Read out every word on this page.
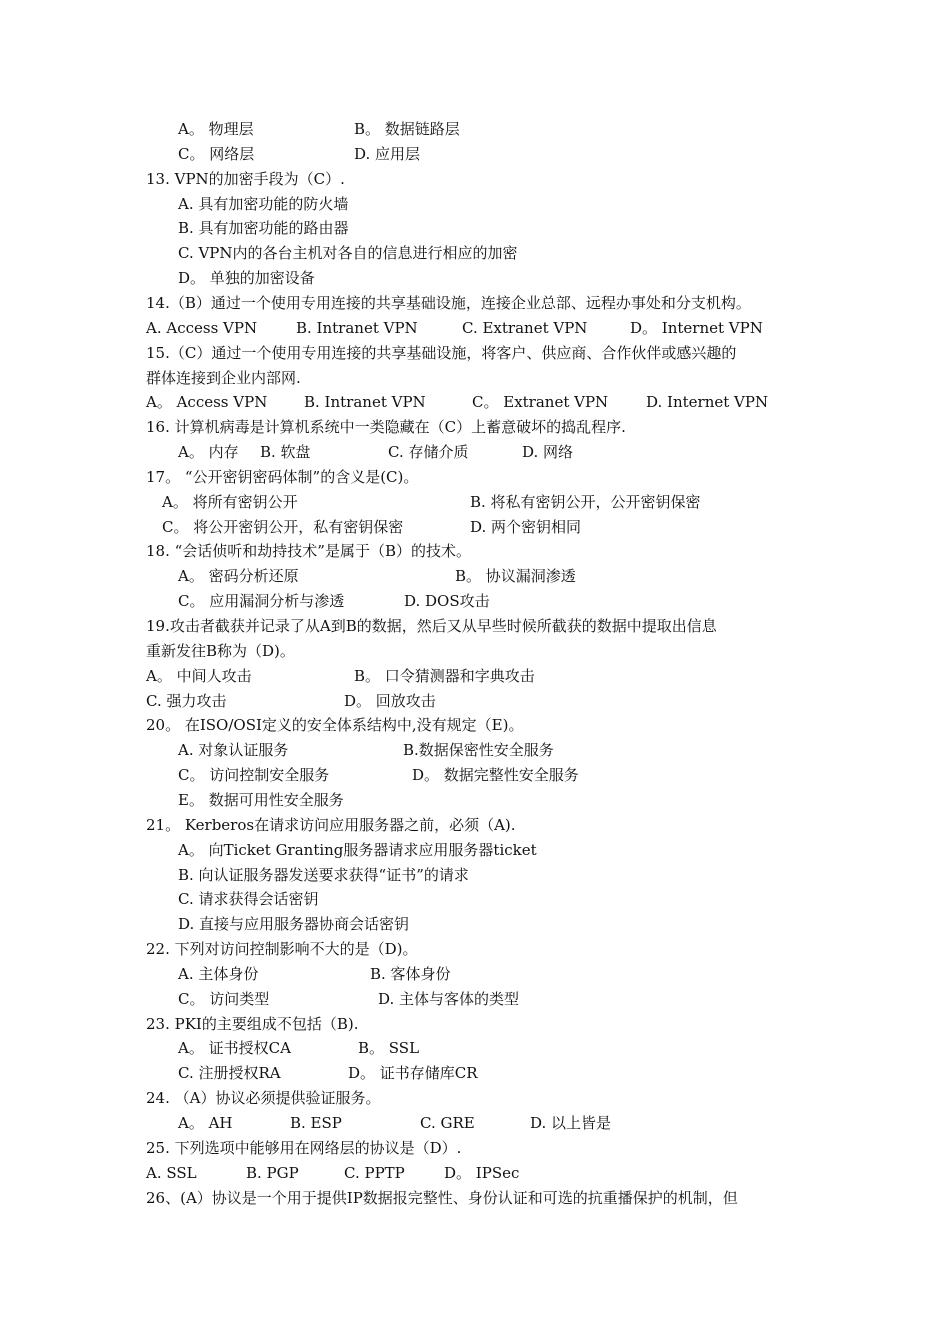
A。 物理层	B。 数据链路层
C。 网络层	D. 应用层
13. VPN的加密手段为（C）.
A. 具有加密功能的防火墙
B. 具有加密功能的路由器
C. VPN内的各台主机对各自的信息进行相应的加密
D。 单独的加密设备
14.（B）通过一个使用专用连接的共享基础设施，连接企业总部、远程办事处和分支机构。
A. Access VPN	B. Intranet VPN	C. Extranet VPN	D。 Internet VPN
15.（C）通过一个使用专用连接的共享基础设施，将客户、供应商、合作伙伴或感兴趣的
群体连接到企业内部网.
A。 Access VPN B. Intranet VPN	C。 Extranet VPN	D. Internet VPN
16. 计算机病毒是计算机系统中一类隐藏在（C）上蓄意破坏的捣乱程序.
A。 内存 B. 软盘	C. 存储介质	D. 网络
17。 “公开密钥密码体制”的含义是(C)。
A。 将所有密钥公开	B. 将私有密钥公开，公开密钥保密
C。 将公开密钥公开，私有密钥保密	D. 两个密钥相同
18. “会话侦听和劫持技术”是属于（B）的技术。
A。 密码分析还原	B。 协议漏洞渗透
C。 应用漏洞分析与渗透	D. DOS攻击
19.攻击者截获并记录了从A到B的数据，然后又从早些时候所截获的数据中提取出信息
重新发往B称为（D)。
A。 中间人攻击	B。 口令猜测器和字典攻击
C. 强力攻击	D。 回放攻击
20。 在ISO/OSI定义的安全体系结构中,没有规定（E)。
A. 对象认证服务	B.数据保密性安全服务
C。 访问控制安全服务	D。 数据完整性安全服务
E。 数据可用性安全服务
21。 Kerberos在请求访问应用服务器之前，必须（A).
A。 向Ticket Granting服务器请求应用服务器ticket
B. 向认证服务器发送要求获得“证书”的请求
C. 请求获得会话密钥
D. 直接与应用服务器协商会话密钥
22. 下列对访问控制影响不大的是（D)。
A. 主体身份	B. 客体身份
C。 访问类型	D. 主体与客体的类型
23. PKI的主要组成不包括（B).
A。 证书授权CA	B。 SSL
C. 注册授权RA	D。 证书存储库CR
24. （A）协议必须提供验证服务。
A。 AH	B. ESP	C. GRE	D. 以上皆是
25. 下列选项中能够用在网络层的协议是（D）.
A. SSL	B. PGP	C. PPTP	D。 IPSec
26、(A）协议是一个用于提供IP数据报完整性、身份认证和可选的抗重播保护的机制，但
